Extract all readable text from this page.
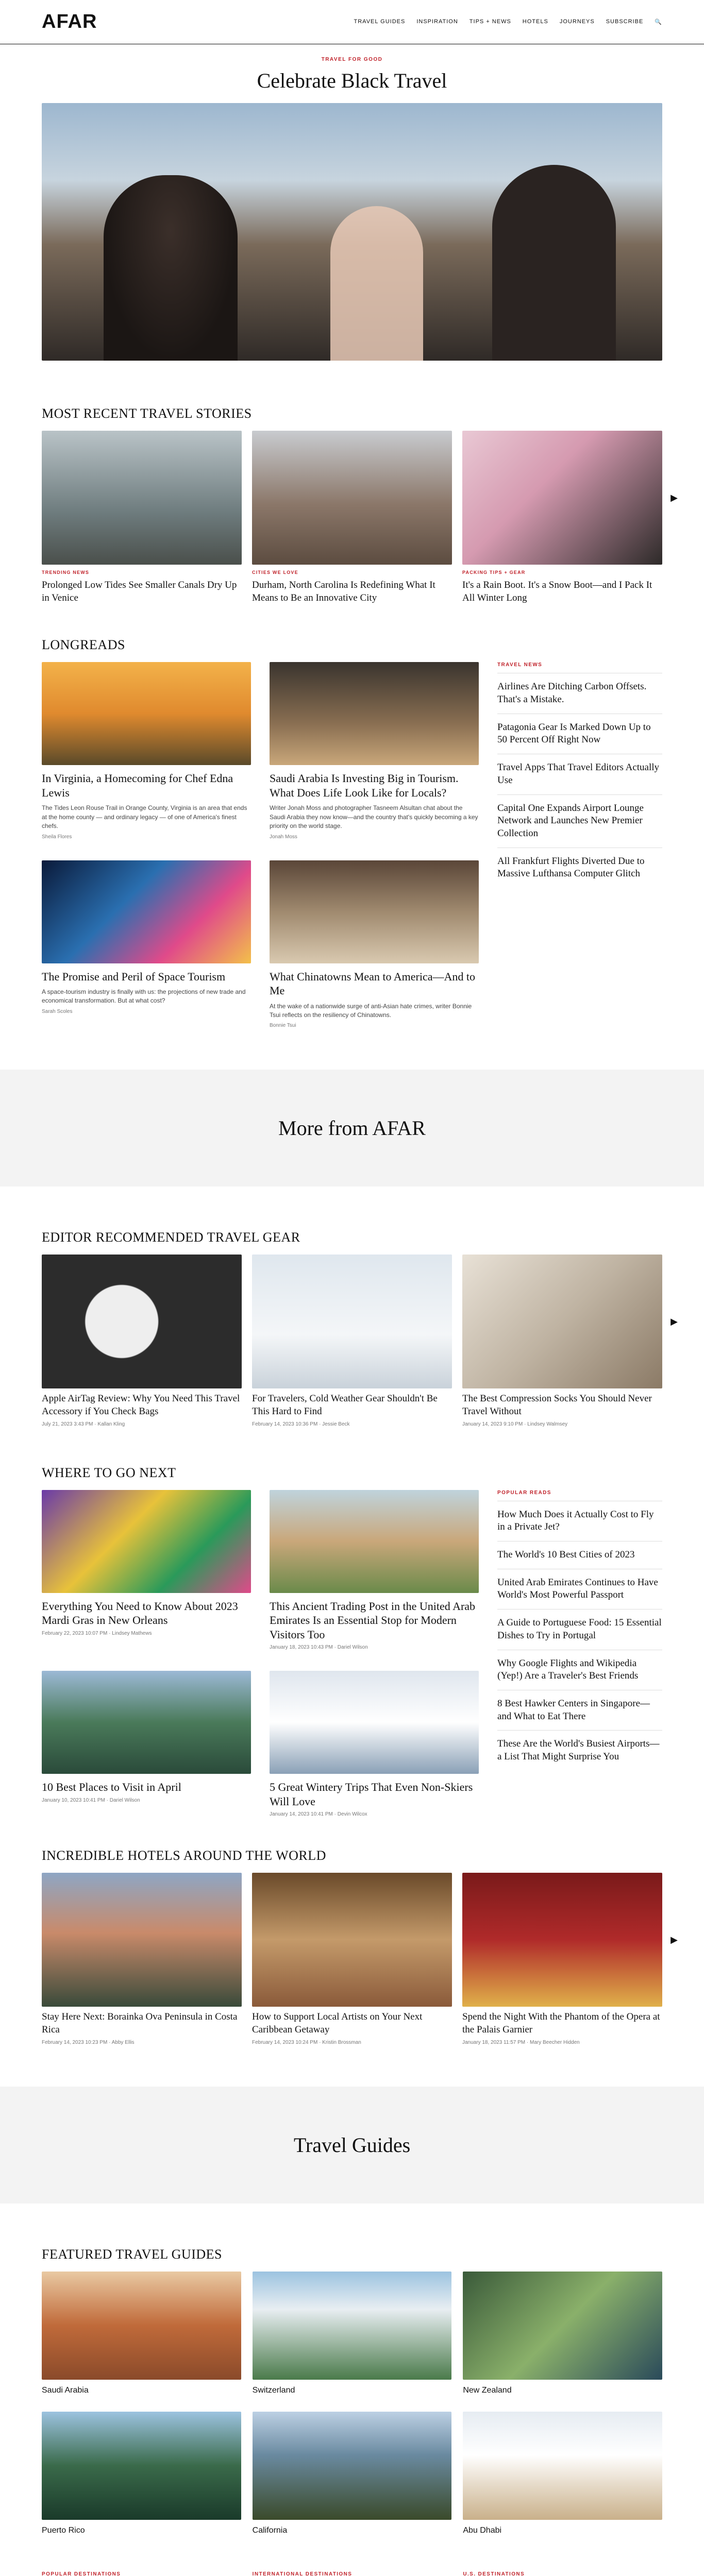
AFAR	TRAVEL GUIDES INSPIRATION TIPS + NEWS HOTELS JOURNEYS SUBSCRIBE 🔍
TRAVEL FOR GOOD
Celebrate Black Travel
MOST RECENT TRAVEL STORIES
TRENDING NEWS
Prolonged Low Tides See Smaller Canals Dry Up in Venice
CITIES WE LOVE
Durham, North Carolina Is Redefining What It Means to Be an Innovative City
PACKING TIPS + GEAR
It's a Rain Boot. It's a Snow Boot—and I Pack It All Winter Long
▶
LONGREADS
In Virginia, a Homecoming for Chef Edna Lewis
The Tides Leon Rouse Trail in Orange County, Virginia is an area that ends at the home county — and ordinary legacy — of one of America's finest chefs.
Sheila Flores
Saudi Arabia Is Investing Big in Tourism. What Does Life Look Like for Locals?
Writer Jonah Moss and photographer Tasneem Alsultan chat about the Saudi Arabia they now know—and the country that's quickly becoming a key priority on the world stage.
Jonah Moss
The Promise and Peril of Space Tourism
A space-tourism industry is finally with us: the projections of new trade and economical transformation. But at what cost?
Sarah Scoles
What Chinatowns Mean to America—And to Me
At the wake of a nationwide surge of anti-Asian hate crimes, writer Bonnie Tsui reflects on the resiliency of Chinatowns.
Bonnie Tsui
TRAVEL NEWS
Airlines Are Ditching Carbon Offsets. That's a Mistake.
Patagonia Gear Is Marked Down Up to 50 Percent Off Right Now
Travel Apps That Travel Editors Actually Use
Capital One Expands Airport Lounge Network and Launches New Premier Collection
All Frankfurt Flights Diverted Due to Massive Lufthansa Computer Glitch
More from AFAR
EDITOR RECOMMENDED TRAVEL GEAR
Apple AirTag Review: Why You Need This Travel Accessory if You Check Bags
July 21, 2023 3:43 PM · Kallan Kling
For Travelers, Cold Weather Gear Shouldn't Be This Hard to Find
February 14, 2023 10:36 PM · Jessie Beck
The Best Compression Socks You Should Never Travel Without
January 14, 2023 9:10 PM · Lindsey Walmsey
▶
WHERE TO GO NEXT
Everything You Need to Know About 2023 Mardi Gras in New Orleans
February 22, 2023 10:07 PM · Lindsey Mathews
This Ancient Trading Post in the United Arab Emirates Is an Essential Stop for Modern Visitors Too
January 18, 2023 10:43 PM · Dariel Wilson
10 Best Places to Visit in April
January 10, 2023 10:41 PM · Dariel Wilson
5 Great Wintery Trips That Even Non-Skiers Will Love
January 14, 2023 10:41 PM · Devin Wilcox
POPULAR READS
How Much Does it Actually Cost to Fly in a Private Jet?
The World's 10 Best Cities of 2023
United Arab Emirates Continues to Have World's Most Powerful Passport
A Guide to Portuguese Food: 15 Essential Dishes to Try in Portugal
Why Google Flights and Wikipedia (Yep!) Are a Traveler's Best Friends
8 Best Hawker Centers in Singapore—and What to Eat There
These Are the World's Busiest Airports—a List That Might Surprise You
INCREDIBLE HOTELS AROUND THE WORLD
Stay Here Next: Borainka Ova Peninsula in Costa Rica
February 14, 2023 10:23 PM · Abby Ellis
How to Support Local Artists on Your Next Caribbean Getaway
February 14, 2023 10:24 PM · Kristin Brossman
Spend the Night With the Phantom of the Opera at the Palais Garnier
January 18, 2023 11:57 PM · Mary Beecher Hidden
▶
Travel Guides
FEATURED TRAVEL GUIDES
Saudi Arabia	Switzerland	New Zealand
Puerto Rico	California	Abu Dhabi
POPULAR DESTINATIONS	INTERNATIONAL DESTINATIONS	U.S. DESTINATIONS
